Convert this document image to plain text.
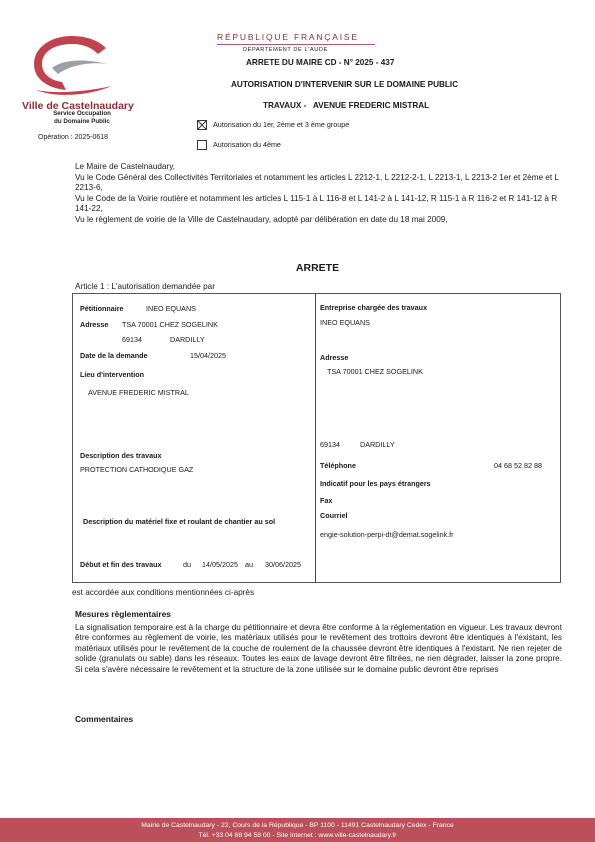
Ville de Castelnaudary
Service Occupation
du Domaine Public
Opération : 2025-0618
RÉPUBLIQUE FRANÇAISE
DÉPARTEMENT DE L'AUDE
ARRETE DU MAIRE CD - N° 2025 - 437
AUTORISATION D'INTERVENIR SUR LE DOMAINE PUBLIC
TRAVAUX -   AVENUE FREDERIC MISTRAL
Autorisation du 1er, 2ème et 3 ème groupe
Autorisation du 4ème
Le Maire de Castelnaudary,
Vu le Code Général des Collectivités Territoriales et notamment les articles L 2212-1, L 2212-2-1, L 2213-1, L 2213-2 1er et 2ème et L 2213-6,
Vu le Code de la Voirie routière et notamment les articles L 115-1 à L 116-8 et L 141-2 à L 141-12, R 115-1 à R 116-2 et R 141-12 à R 141-22,
Vu le règlement de voirie de la Ville de Castelnaudary, adopté par délibération en date du 18 mai 2009,
ARRETE
Article 1 : L'autorisation demandée par
Pétitionnaire	INEO EQUANS
Adresse TSA 70001 CHEZ SOGELINK
69134	DARDILLY
Date de la demande	15/04/2025
Lieu d'intervention
AVENUE FREDERIC MISTRAL
Description des travaux
PROTECTION CATHODIQUE GAZ
Description du matériel fixe et roulant de chantier au sol
Début et fin des travaux	du 14/05/2025 au 30/06/2025
Entreprise chargée des travaux
INEO EQUANS
Adresse
TSA 70001 CHEZ SOGELINK
69134	DARDILLY
Téléphone	04 68 52 82 88
Indicatif pour les pays étrangers
Fax
Courriel
engie-solution-perpi-dt@demat.sogelink.fr
est accordée aux conditions mentionnées ci-après
Mesures règlementaires
La signalisation temporaire est à la charge du pétitionnaire et devra être conforme à la réglementation en vigueur. Les travaux devront être conformes au règlement de voirie, les matériaux utilisés pour le revêtement des trottoirs devront être identiques à l'existant, les matériaux utilisés pour le revêtement de la couche de roulement de la chaussée devront être identiques à l'existant. Ne rien rejeter de solide (granulats ou sable) dans les réseaux. Toutes les eaux de lavage devront être filtrées, ne rien dégrader, laisser la zone propre. Si cela s'avère nécessaire le revêtement et la structure de la zone utilisée sur le domaine public devront être reprises
Commentaires
Mairie de Castelnaudary - 22, Cours de la République - BP 1100 - 11491 Castelnaudary Cedex - France
Tél. +33 04 68 94 58 00 - Site internet : www.ville-castelnaudary.fr
